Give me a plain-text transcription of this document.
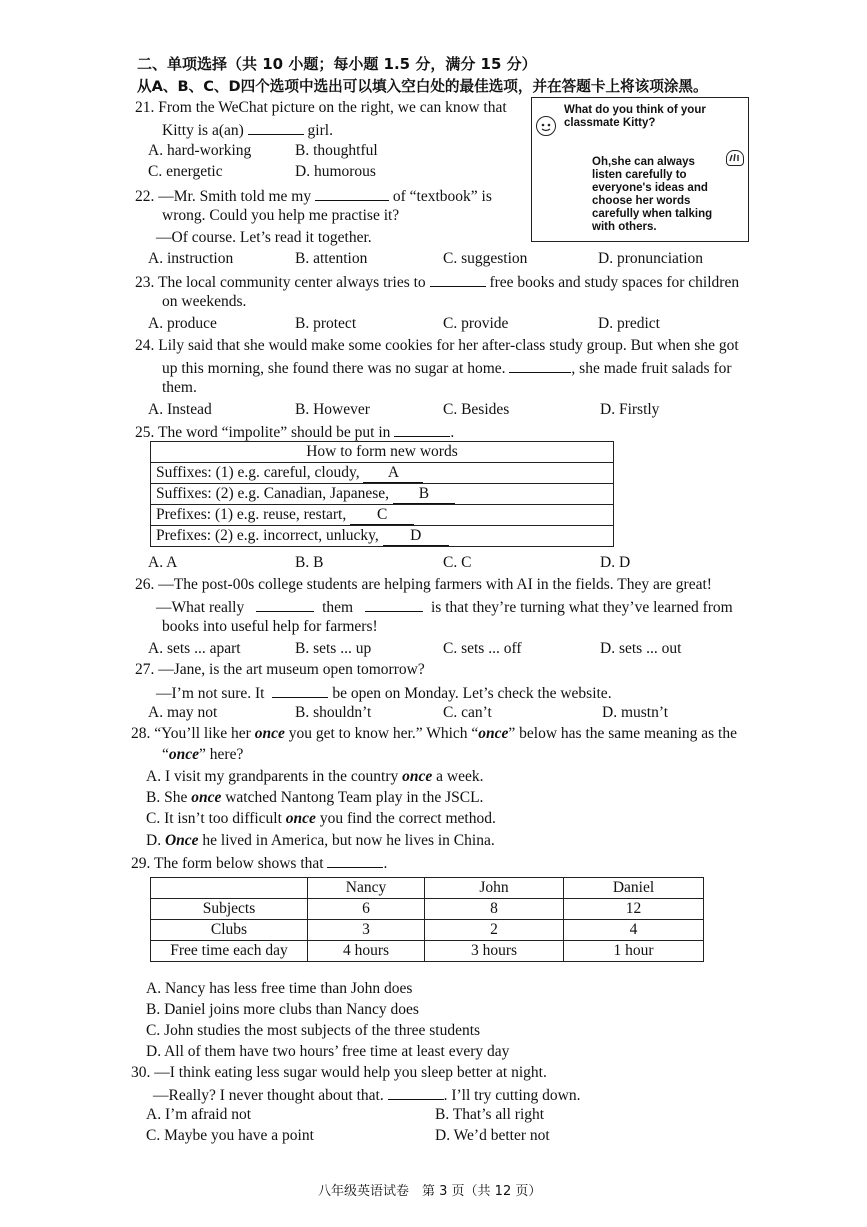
二、单项选择（共 10 小题；每小题 1.5 分，满分 15 分）
从A、B、C、D四个选项中选出可以填入空白处的最佳选项，并在答题卡上将该项涂黑。
21. From the WeChat picture on the right, we can know that
Kitty is a(an)	girl.
A. hard-working	B. thoughtful
C. energetic	D. humorous
What do you think of your classmate Kitty?
Oh,she can always listen carefully to everyone's ideas and choose her words carefully when talking with others.
22. —Mr. Smith told me my	of “textbook” is
wrong. Could you help me practise it?
—Of course. Let’s read it together.
A. instruction	B. attention	C. suggestion	D. pronunciation
23. The local community center always tries to	free books and study spaces for children
on weekends.
A. produce	B. protect	C. provide	D. predict
24. Lily said that she would make some cookies for her after-class study group. But when she got
up this morning, she found there was no sugar at home.	, she made fruit salads for
them.
A. Instead	B. However	C. Besides	D. Firstly
25. The word “impolite” should be put in	.
How to form new words
Suffixes: (1) e.g. careful, cloudy, A
Suffixes: (2) e.g. Canadian, Japanese, B
Prefixes: (1) e.g. reuse, restart, C
Prefixes: (2) e.g. incorrect, unlucky, D
A. A	B. B	C. C	D. D
26. —The post-00s college students are helping farmers with AI in the fields. They are great!
—What really	them	is that they’re turning what they’ve learned from
books into useful help for farmers!
A. sets ... apart	B. sets ... up	C. sets ... off	D. sets ... out
27. —Jane, is the art museum open tomorrow?
—I’m not sure. It	be open on Monday. Let’s check the website.
A. may not	B. shouldn’t	C. can’t	D. mustn’t
28. “You’ll like her once you get to know her.” Which “once” below has the same meaning as the
“once” here?
A. I visit my grandparents in the country once a week.
B. She once watched Nantong Team play in the JSCL.
C. It isn’t too difficult once you find the correct method.
D. Once he lived in America, but now he lives in China.
29. The form below shows that	.
	Nancy	John	Daniel
Subjects	6	8	12
Clubs	3	2	4
Free time each day	4 hours	3 hours	1 hour
A. Nancy has less free time than John does
B. Daniel joins more clubs than Nancy does
C. John studies the most subjects of the three students
D. All of them have two hours’ free time at least every day
30. —I think eating less sugar would help you sleep better at night.
—Really? I never thought about that.	. I’ll try cutting down.
A. I’m afraid not	B. That’s all right
C. Maybe you have a point	D. We’d better not
八年级英语试卷　第 3 页（共 12 页）
